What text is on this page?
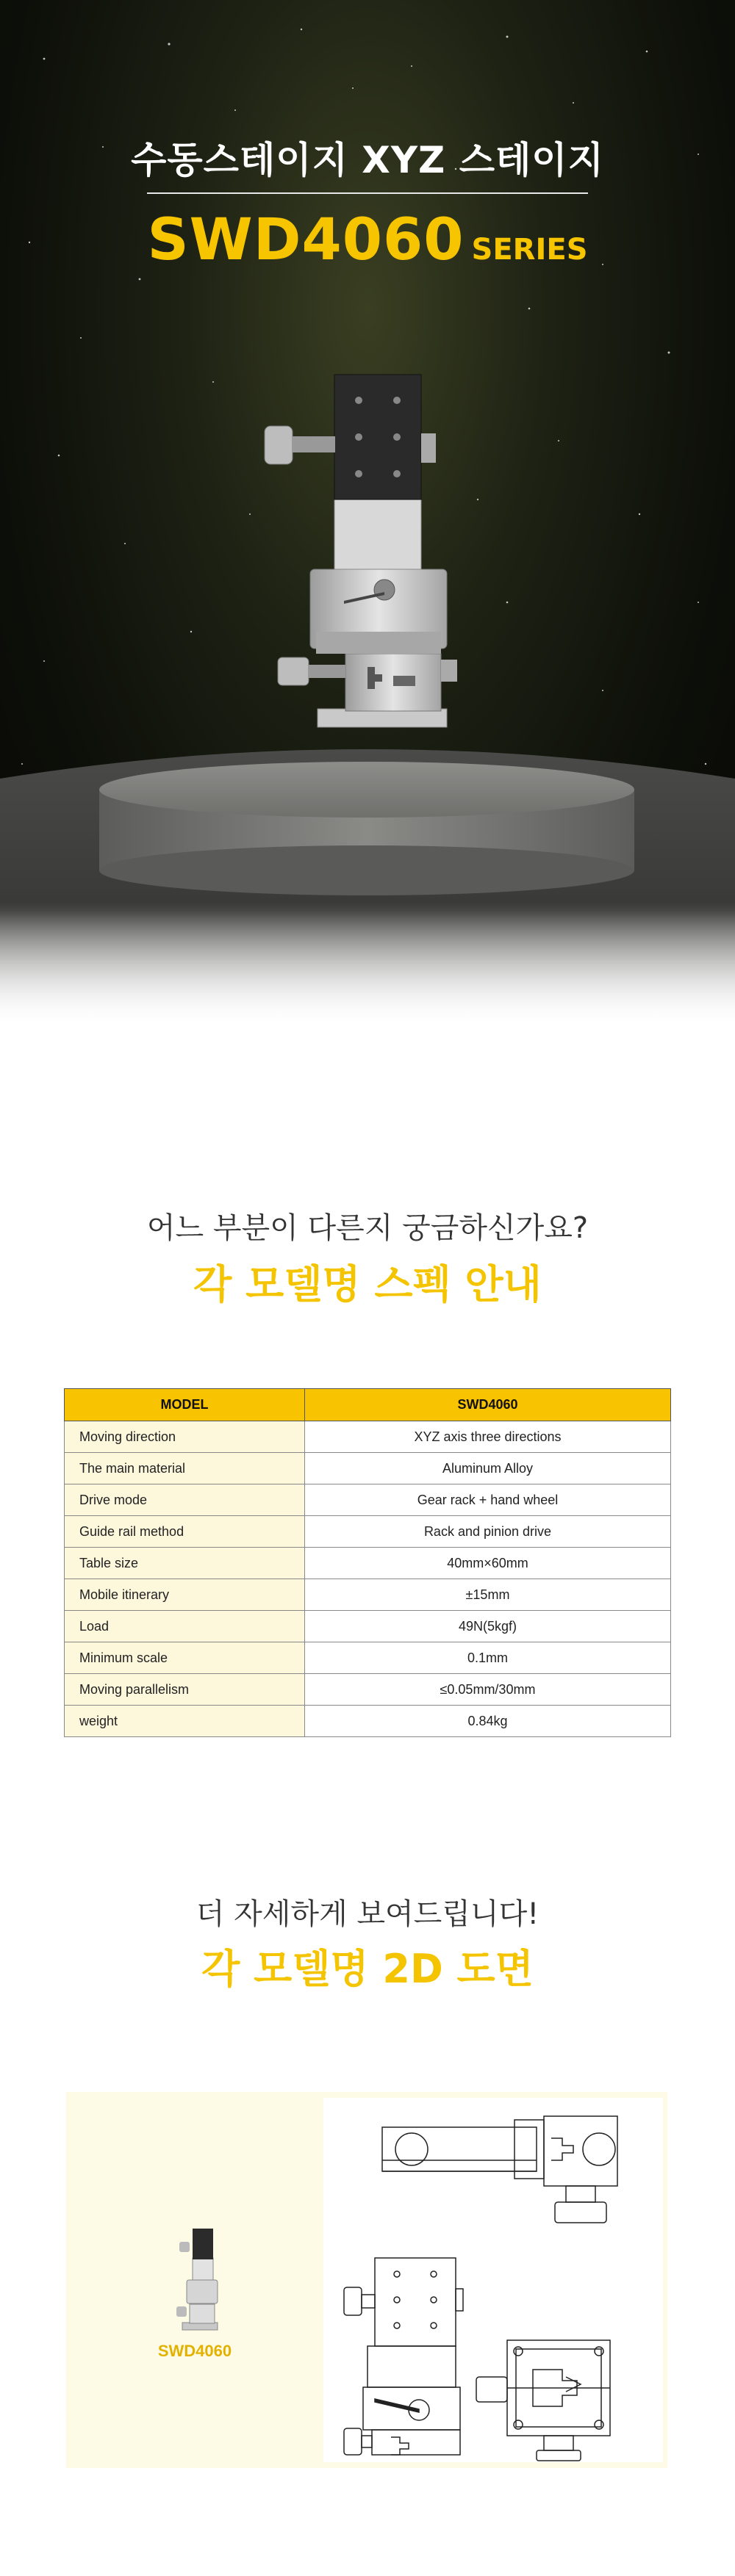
수동스테이지 XYZ 스테이지
SWD4060 SERIES
어느 부분이 다른지 궁금하신가요?
각 모델명 스펙 안내
MODEL	SWD4060
Moving direction	XYZ axis three directions
The main material	Aluminum Alloy
Drive mode	Gear rack + hand wheel
Guide rail method	Rack and pinion drive
Table size	40mm×60mm
Mobile itinerary	±15mm
Load	49N(5kgf)
Minimum scale	0.1mm
Moving parallelism	≤0.05mm/30mm
weight	0.84kg
더 자세하게 보여드립니다!
각 모델명 2D 도면
SWD4060
